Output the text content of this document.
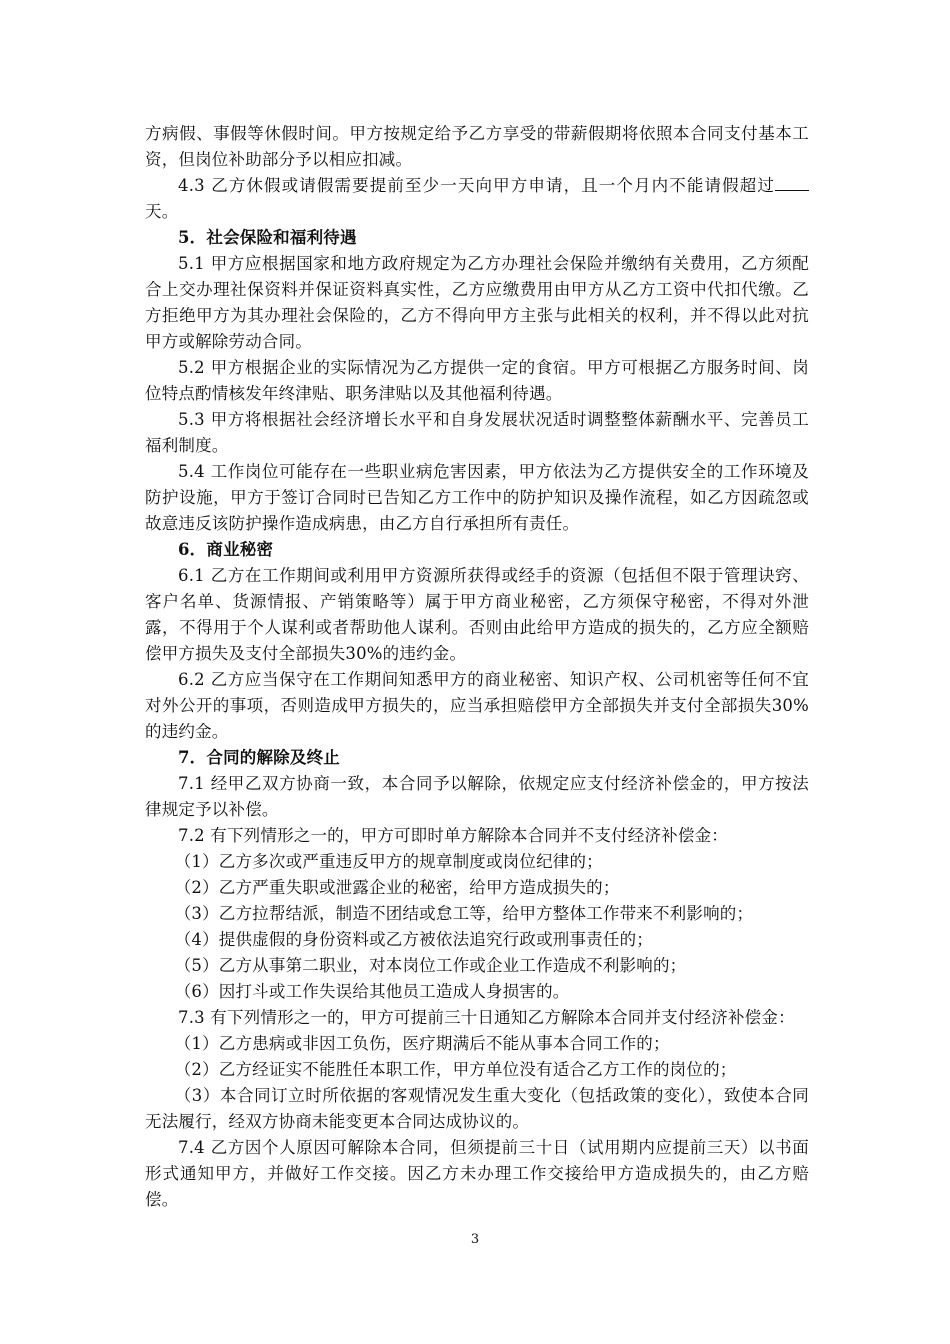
方病假、事假等休假时间。甲方按规定给予乙方享受的带薪假期将依照本合同支付基本工资，但岗位补助部分予以相应扣减。

4.3 乙方休假或请假需要提前至少一天向甲方申请，且一个月内不能请假超过天。

5．社会保险和福利待遇

5.1 甲方应根据国家和地方政府规定为乙方办理社会保险并缴纳有关费用，乙方须配合上交办理社保资料并保证资料真实性，乙方应缴费用由甲方从乙方工资中代扣代缴。乙方拒绝甲方为其办理社会保险的，乙方不得向甲方主张与此相关的权利，并不得以此对抗甲方或解除劳动合同。

5.2 甲方根据企业的实际情况为乙方提供一定的食宿。甲方可根据乙方服务时间、岗位特点酌情核发年终津贴、职务津贴以及其他福利待遇。

5.3 甲方将根据社会经济增长水平和自身发展状况适时调整整体薪酬水平、完善员工福利制度。

5.4 工作岗位可能存在一些职业病危害因素，甲方依法为乙方提供安全的工作环境及防护设施，甲方于签订合同时已告知乙方工作中的防护知识及操作流程，如乙方因疏忽或故意违反该防护操作造成病患，由乙方自行承担所有责任。

6．商业秘密

6.1 乙方在工作期间或利用甲方资源所获得或经手的资源（包括但不限于管理诀窍、客户名单、货源情报、产销策略等）属于甲方商业秘密，乙方须保守秘密，不得对外泄露，不得用于个人谋利或者帮助他人谋利。否则由此给甲方造成的损失的，乙方应全额赔偿甲方损失及支付全部损失30%的违约金。

6.2 乙方应当保守在工作期间知悉甲方的商业秘密、知识产权、公司机密等任何不宜对外公开的事项，否则造成甲方损失的，应当承担赔偿甲方全部损失并支付全部损失30%的违约金。

7．合同的解除及终止

7.1 经甲乙双方协商一致，本合同予以解除，依规定应支付经济补偿金的，甲方按法律规定予以补偿。

7.2 有下列情形之一的，甲方可即时单方解除本合同并不支付经济补偿金：

（1）乙方多次或严重违反甲方的规章制度或岗位纪律的；

（2）乙方严重失职或泄露企业的秘密，给甲方造成损失的；

（3）乙方拉帮结派，制造不团结或怠工等，给甲方整体工作带来不利影响的；

（4）提供虚假的身份资料或乙方被依法追究行政或刑事责任的；

（5）乙方从事第二职业，对本岗位工作或企业工作造成不利影响的；

（6）因打斗或工作失误给其他员工造成人身损害的。

7.3 有下列情形之一的，甲方可提前三十日通知乙方解除本合同并支付经济补偿金：

（1）乙方患病或非因工负伤，医疗期满后不能从事本合同工作的；

（2）乙方经证实不能胜任本职工作，甲方单位没有适合乙方工作的岗位的；

（3）本合同订立时所依据的客观情况发生重大变化（包括政策的变化），致使本合同无法履行，经双方协商未能变更本合同达成协议的。

7.4 乙方因个人原因可解除本合同，但须提前三十日（试用期内应提前三天）以书面形式通知甲方，并做好工作交接。因乙方未办理工作交接给甲方造成损失的，由乙方赔偿。

3
